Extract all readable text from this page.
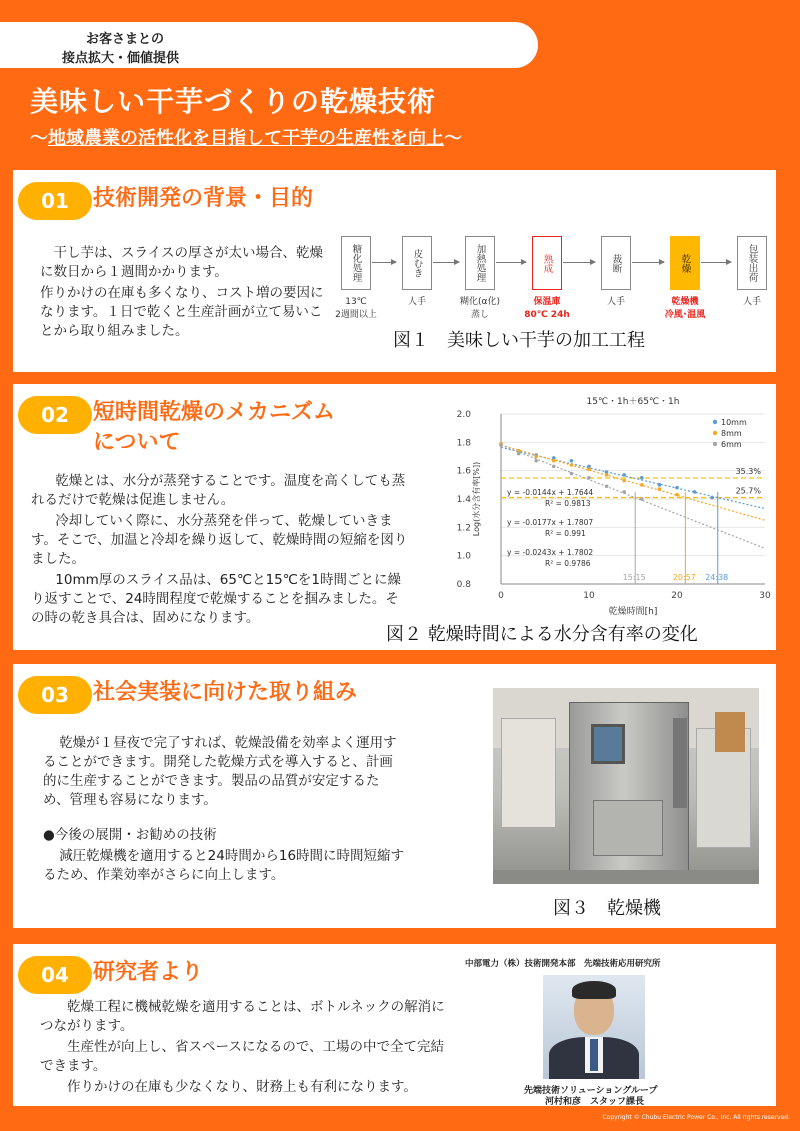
お客さまとの
接点拡大・価値提供
美味しい干芋づくりの乾燥技術
～地域農業の活性化を目指して干芋の生産性を向上～
01	技術開発の背景・目的

干し芋は、スライスの厚さが太い場合、乾燥に数日から１週間かかります。

作りかけの在庫も多くなり、コスト増の要因になります。１日で乾くと生産計画が立て易いことから取り組みました。

糖化処理
13℃
2週間以上
皮むき
人手
加熱処理
糊化(α化)
蒸し
熟成
保温庫
80℃ 24h
裁断
人手
乾燥
乾燥機
冷風･温風
包装出荷
人手
図１　美味しい干芋の加工工程
02	短時間乾燥のメカニズム
について

乾燥とは、水分が蒸発することです。温度を高くしても蒸れるだけで乾燥は促進しません。

冷却していく際に、水分蒸発を伴って、乾燥していきます。そこで、加温と冷却を繰り返して、乾燥時間の短縮を図りました。

10mm厚のスライス品は、65℃と15℃を1時間ごとに繰り返すことで、24時間程度で乾燥することを掴みました。その時の乾き具合は、固めになります。

0.8
1.0
1.2
1.4
1.6
1.8
2.0
0	10	20	30
15℃・1h＋65℃・1h
乾燥時間[h]
Log(水分含有率[%])	35.3%
25.7%
15:15	20:57 24:38
10mm
y = -0.0144x + 1.7644
R² = 0.9813
8mm
y = -0.0177x + 1.7807
R² = 0.991
6mm
y = -0.0243x + 1.7802
R² = 0.9786
図２ 乾燥時間による水分含有率の変化
03	社会実装に向けた取り組み

乾燥が１昼夜で完了すれば、乾燥設備を効率よく運用することができます。開発した乾燥方式を導入すると、計画的に生産することができます。製品の品質が安定するため、管理も容易になります。

●今後の展開・お勧めの技術

減圧乾燥機を適用すると24時間から16時間に時間短縮するため、作業効率がさらに向上します。

図３　乾燥機
04	研究者より

乾燥工程に機械乾燥を適用することは、ボトルネックの解消につながります。

生産性が向上し、省スペースになるので、工場の中で全て完結できます。

作りかけの在庫も少なくなり、財務上も有利になります。

中部電力（株）技術開発本部　先端技術応用研究所
先端技術ソリューショングループ
河村和彦　スタッフ課長
Copyright © Chubu Electric Power Co., Inc. All rights reserved.
